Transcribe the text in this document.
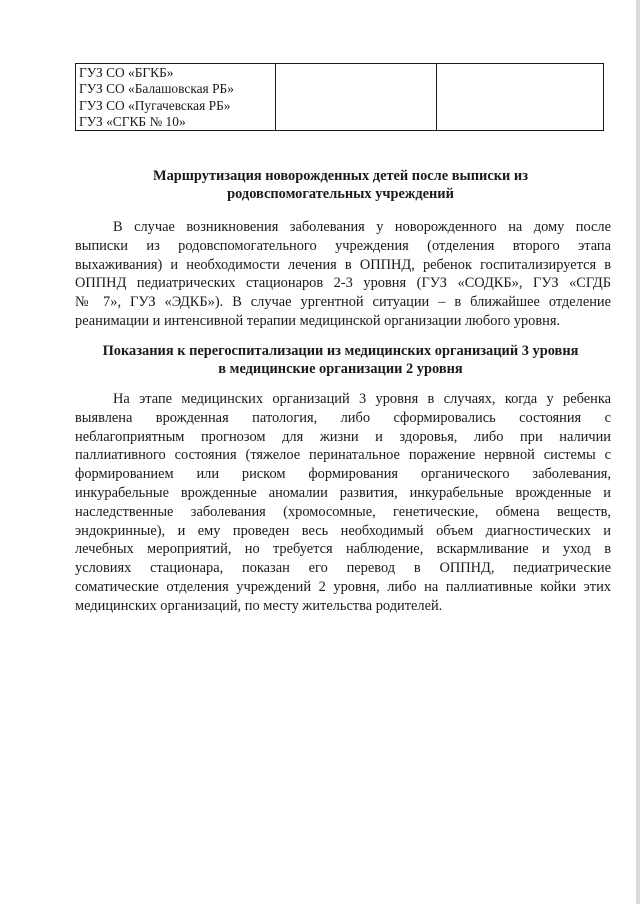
ГУЗ СО «БГКБ»
ГУЗ СО «Балашовская РБ»
ГУЗ СО «Пугачевская РБ»
ГУЗ «СГКБ № 10»

Маршрутизация новорожденных детей после выписки из
родовспомогательных учреждений

В случае возникновения заболевания у новорожденного на дому после
выписки из родовспомогательного учреждения (отделения второго этапа
выхаживания) и необходимости лечения в ОППНД, ребенок госпитализируется в
ОППНД педиатрических стационаров 2-3 уровня (ГУЗ «СОДКБ», ГУЗ «СГДБ
№ 7», ГУЗ «ЭДКБ»). В случае ургентной ситуации – в ближайшее отделение
реанимации и интенсивной терапии медицинской организации любого уровня.

Показания к перегоспитализации из медицинских организаций 3 уровня
в медицинские организации 2 уровня

На этапе медицинских организаций 3 уровня в случаях, когда у ребенка
выявлена врожденная патология, либо сформировались состояния с
неблагоприятным прогнозом для жизни и здоровья, либо при наличии
паллиативного состояния (тяжелое перинатальное поражение нервной системы с
формированием или риском формирования органического заболевания,
инкурабельные врожденные аномалии развития, инкурабельные врожденные и
наследственные заболевания (хромосомные, генетические, обмена веществ,
эндокринные), и ему проведен весь необходимый объем диагностических и
лечебных мероприятий, но требуется наблюдение, вскармливание и уход в
условиях стационара, показан его перевод в ОППНД, педиатрические
соматические отделения учреждений 2 уровня, либо на паллиативные койки этих
медицинских организаций, по месту жительства родителей.
